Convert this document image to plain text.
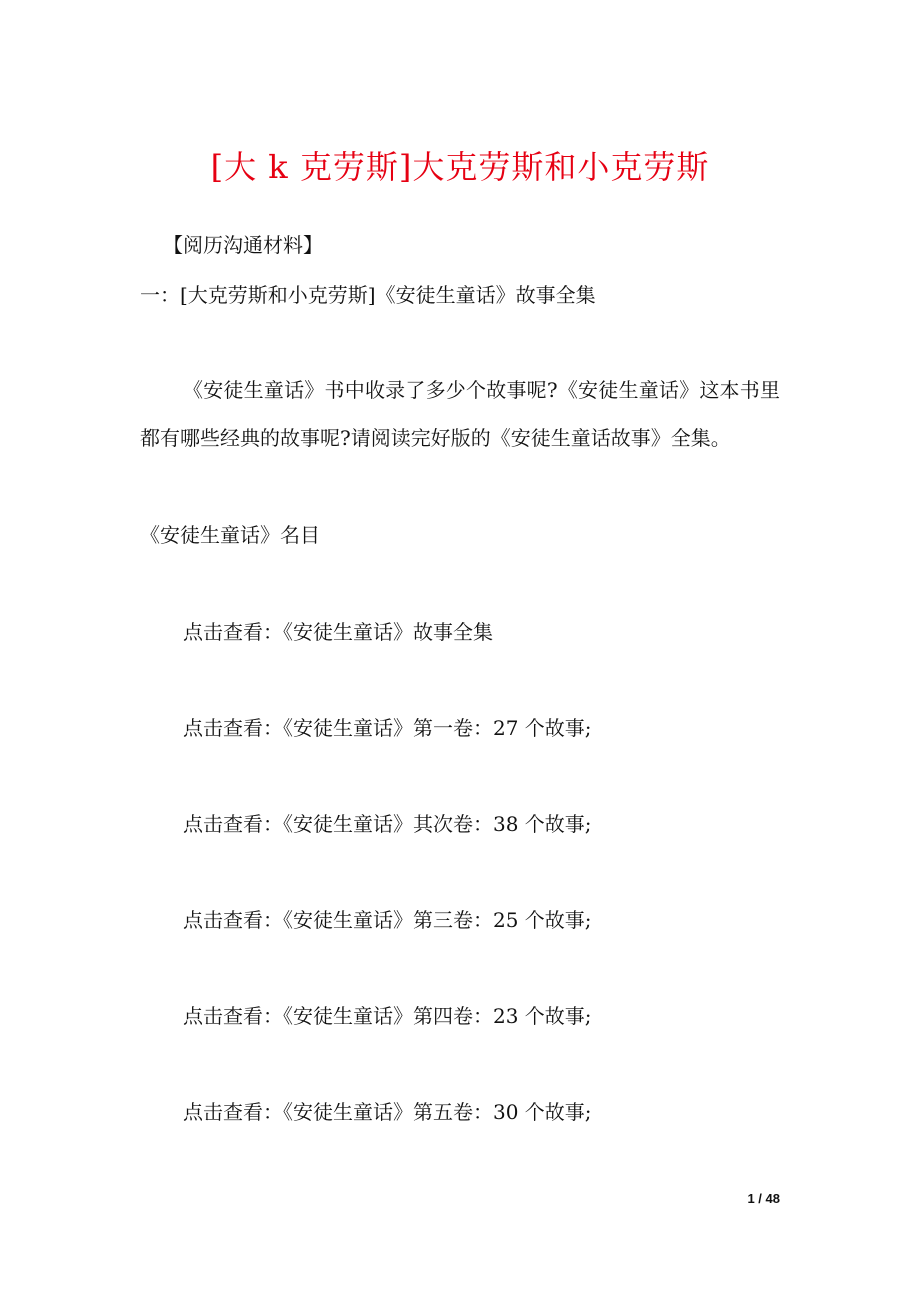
[大 k 克劳斯]大克劳斯和小克劳斯
【阅历沟通材料】
一：[大克劳斯和小克劳斯]《安徒生童话》故事全集
《安徒生童话》书中收录了多少个故事呢?《安徒生童话》这本书里都有哪些经典的故事呢?请阅读完好版的《安徒生童话故事》全集。
《安徒生童话》名目
点击查看：《安徒生童话》故事全集
点击查看：《安徒生童话》第一卷：27 个故事;
点击查看：《安徒生童话》其次卷：38 个故事;
点击查看：《安徒生童话》第三卷：25 个故事;
点击查看：《安徒生童话》第四卷：23 个故事;
点击查看：《安徒生童话》第五卷：30 个故事;
1 / 48
